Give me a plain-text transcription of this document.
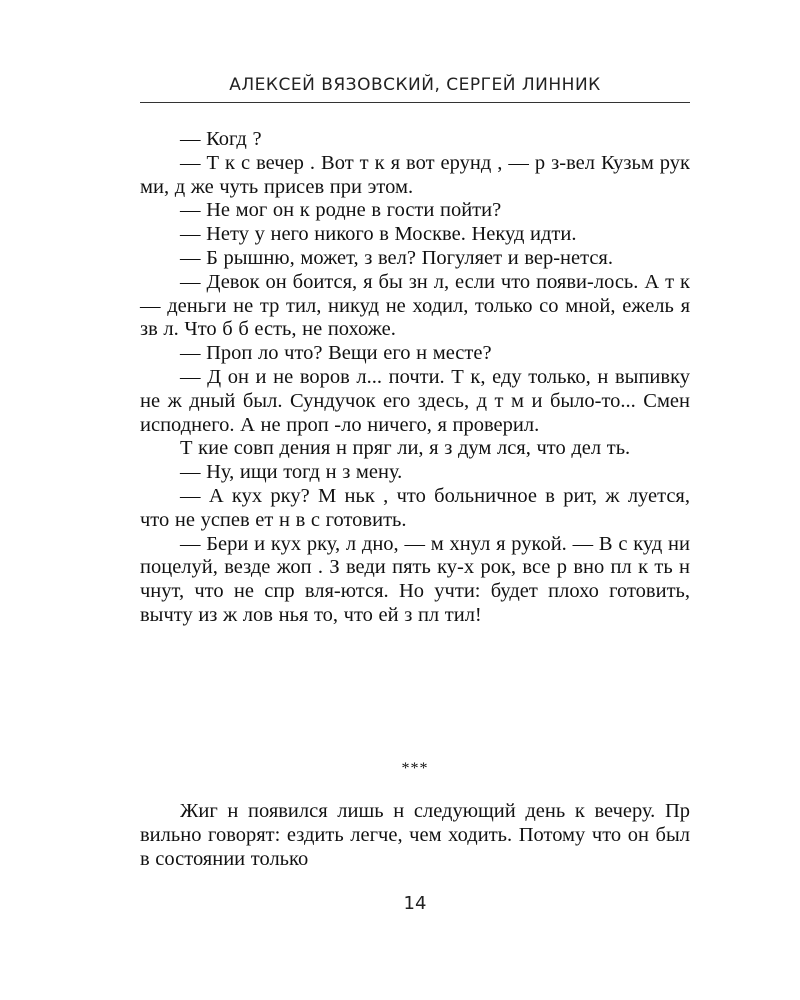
АЛЕКСЕЙ ВЯЗОВСКИЙ, СЕРГЕЙ ЛИННИК

— Когд ?

— Т к с вечер . Вот т к я вот ерунд , — р з-вел Кузьм рук ми, д же чуть присев при этом.

— Не мог он к родне в гости пойти?

— Нету у него никого в Москве. Некуд идти.

— Б рышню, может, з вел? Погуляет и вер-нется.

— Девок он боится, я бы зн л, если что появи-лось. А т к — деньги не тр тил, никуд не ходил, только со мной, ежель я зв л. Что б б есть, не похоже.

— Проп ло что? Вещи его н месте?

— Д он и не воров л... почти. Т к, еду только, н выпивку не ж дный был. Сундучок его здесь, д т м и было-то... Смен исподнего. А не проп -ло ничего, я проверил.

Т кие совп дения н пряг ли, я з дум лся, что дел ть.

— Ну, ищи тогд н з мену.

— А кух рку? М ньк , что больничное в рит, ж луется, что не успев ет н в с готовить.

— Бери и кух рку, л дно, — м хнул я рукой. — В с куд ни поцелуй, везде жоп . З веди пять ку-х рок, все р вно пл к ть н чнут, что не спр вля-ются. Но учти: будет плохо готовить, вычту из ж лов нья то, что ей з пл тил!

***

Жиг н появился лишь н следующий день к вечеру. Пр вильно говорят: ездить легче, чем ходить. Потому что он был в состоянии только

14
